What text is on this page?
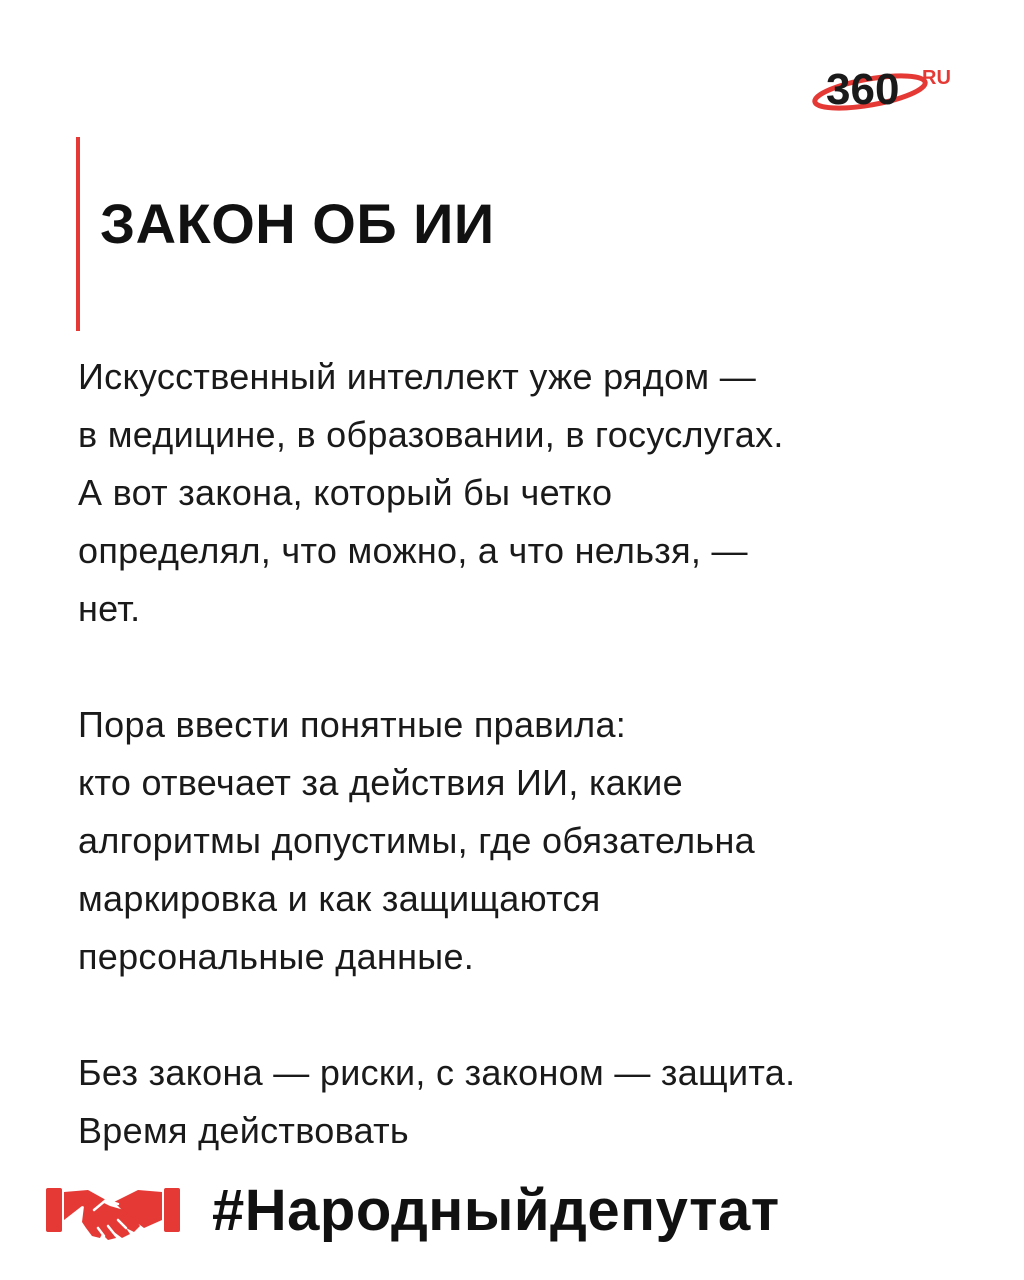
360 RU
ЗАКОН ОБ ИИ

Искусственный интеллект уже рядом —
в медицине, в образовании, в госуслугах.
А вот закона, который бы четко
определял, что можно, а что нельзя, —
нет.

Пора ввести понятные правила:
кто отвечает за действия ИИ, какие
алгоритмы допустимы, где обязательна
маркировка и как защищаются
персональные данные.

Без закона — риски, с законом — защита.
Время действовать

#Народныйдепутат
